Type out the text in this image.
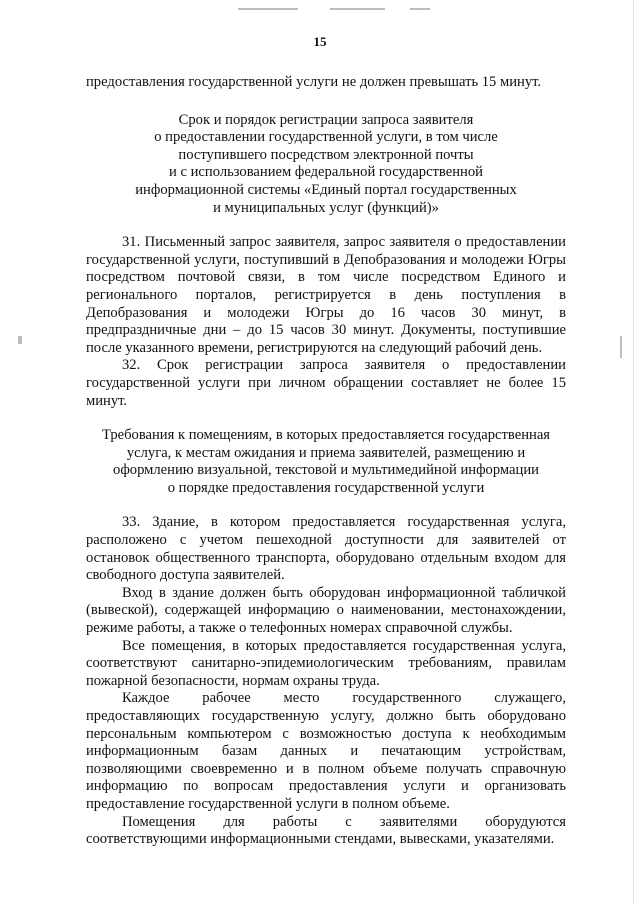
15

предоставления государственной услуги не должен превышать 15 минут.

Срок и порядок регистрации запроса заявителя

о предоставлении государственной услуги, в том числе

поступившего посредством электронной почты

и с использованием федеральной государственной

информационной системы «Единый портал государственных

и муниципальных услуг (функций)»

31. Письменный запрос заявителя, запрос заявителя о предоставлении государственной услуги, поступивший в Депобразования и молодежи Югры посредством почтовой связи, в том числе посредством Единого и регионального порталов, регистрируется в день поступления в Депобразования и молодежи Югры до 16 часов 30 минут, в предпраздничные дни – до 15 часов 30 минут. Документы, поступившие после указанного времени, регистрируются на следующий рабочий день.

32. Срок регистрации запроса заявителя о предоставлении государственной услуги при личном обращении составляет не более 15 минут.

Требования к помещениям, в которых предоставляется государственная

услуга, к местам ожидания и приема заявителей, размещению и

оформлению визуальной, текстовой и мультимедийной информации

о порядке предоставления государственной услуги

33. Здание, в котором предоставляется государственная услуга, расположено с учетом пешеходной доступности для заявителей от остановок общественного транспорта, оборудовано отдельным входом для свободного доступа заявителей.

Вход в здание должен быть оборудован информационной табличкой (вывеской), содержащей информацию о наименовании, местонахождении, режиме работы, а также о телефонных номерах справочной службы.

Все помещения, в которых предоставляется государственная услуга, соответствуют санитарно-эпидемиологическим требованиям, правилам пожарной безопасности, нормам охраны труда.

Каждое рабочее место государственного служащего, предоставляющих государственную услугу, должно быть оборудовано персональным компьютером с возможностью доступа к необходимым информационным базам данных и печатающим устройствам, позволяющими своевременно и в полном объеме получать справочную информацию по вопросам предоставления услуги и организовать предоставление государственной услуги в полном объеме.

Помещения для работы с заявителями оборудуются соответствующими информационными стендами, вывесками, указателями.
